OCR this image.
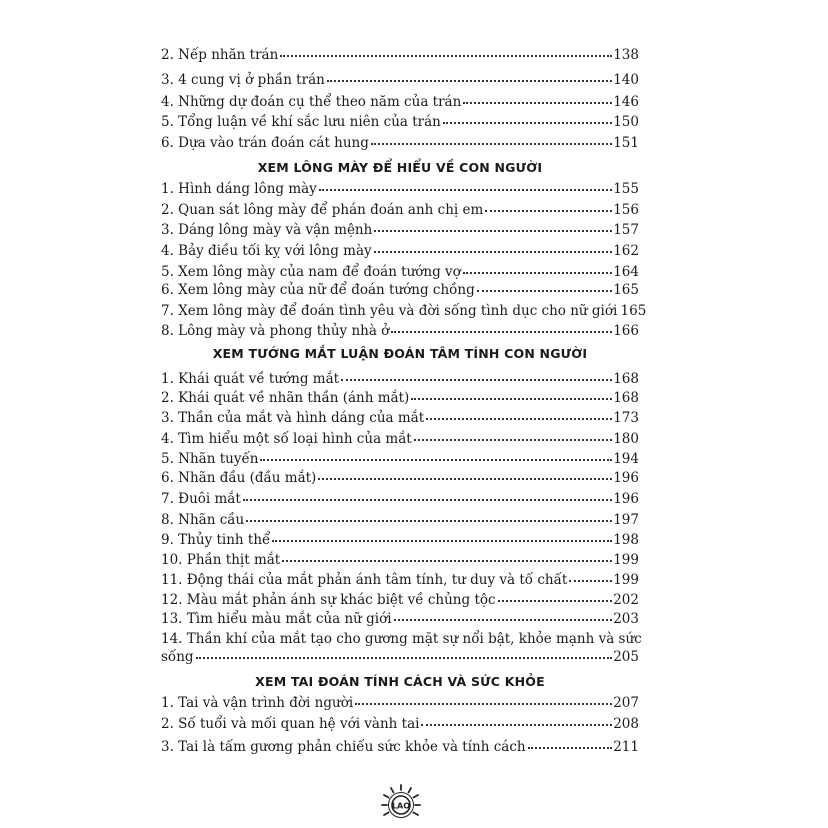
2. Nếp nhăn trán	138
3. 4 cung vị ở phần trán	140
4. Những dự đoán cụ thể theo năm của trán	146
5. Tổng luận về khí sắc lưu niên của trán	150
6. Dựa vào trán đoán cát hung	151
XEM LÔNG MÀY ĐỂ HIỂU VỀ CON NGƯỜI
1. Hình dáng lông mày	155
2. Quan sát lông mày để phán đoán anh chị em	156
3. Dáng lông mày và vận mệnh	157
4. Bảy điều tối kỵ với lông mày	162
5. Xem lông mày của nam để đoán tướng vợ	164
6. Xem lông mày của nữ để đoán tướng chồng	165
7. Xem lông mày để đoán tình yêu và đời sống tình dục cho nữ giới 165
8. Lông mày và phong thủy nhà ở	166
XEM TƯỚNG MẮT LUẬN ĐOÁN TÂM TÍNH CON NGƯỜI
1. Khái quát về tướng mắt	168
2. Khái quát về nhãn thần (ánh mắt)	168
3. Thần của mắt và hình dáng của mắt	173
4. Tìm hiểu một số loại hình của mắt	180
5. Nhãn tuyến	194
6. Nhãn đầu (đầu mắt)	196
7. Đuôi mắt	196
8. Nhãn cầu	197
9. Thủy tinh thể	198
10. Phần thịt mắt	199
11. Động thái của mắt phản ánh tâm tính, tư duy và tố chất	199
12. Màu mắt phản ánh sự khác biệt về chủng tộc	202
13. Tìm hiểu màu mắt của nữ giới	203
14. Thần khí của mắt tạo cho gương mặt sự nổi bật, khỏe mạnh và sức
sống	205
XEM TAI ĐOÁN TÍNH CÁCH VÀ SỨC KHỎE
1. Tai và vận trình đời người	207
2. Số tuổi và mối quan hệ với vành tai	208
3. Tai là tấm gương phản chiếu sức khỏe và tính cách	211
LAO
